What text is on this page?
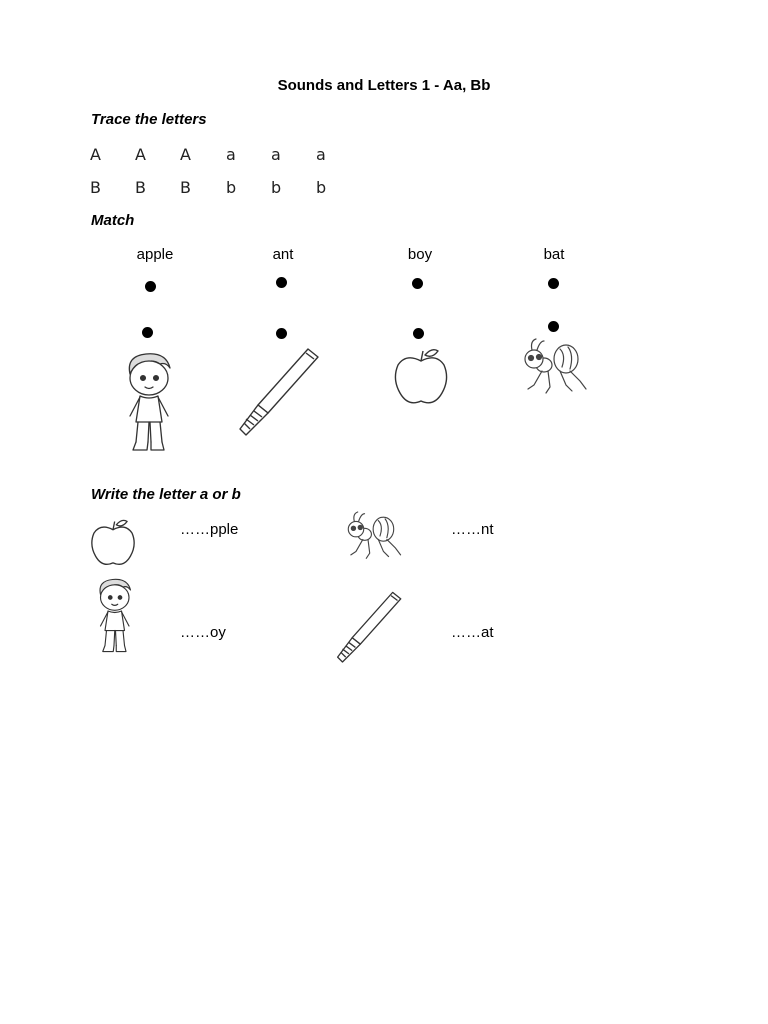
Sounds and Letters 1 - Aa, Bb
Trace the letters
A	A	A	a	a	a
B	B	B	b	b	b
Match
apple	ant	boy	bat
Write the letter a or b
……pple	……nt
……oy	……at
